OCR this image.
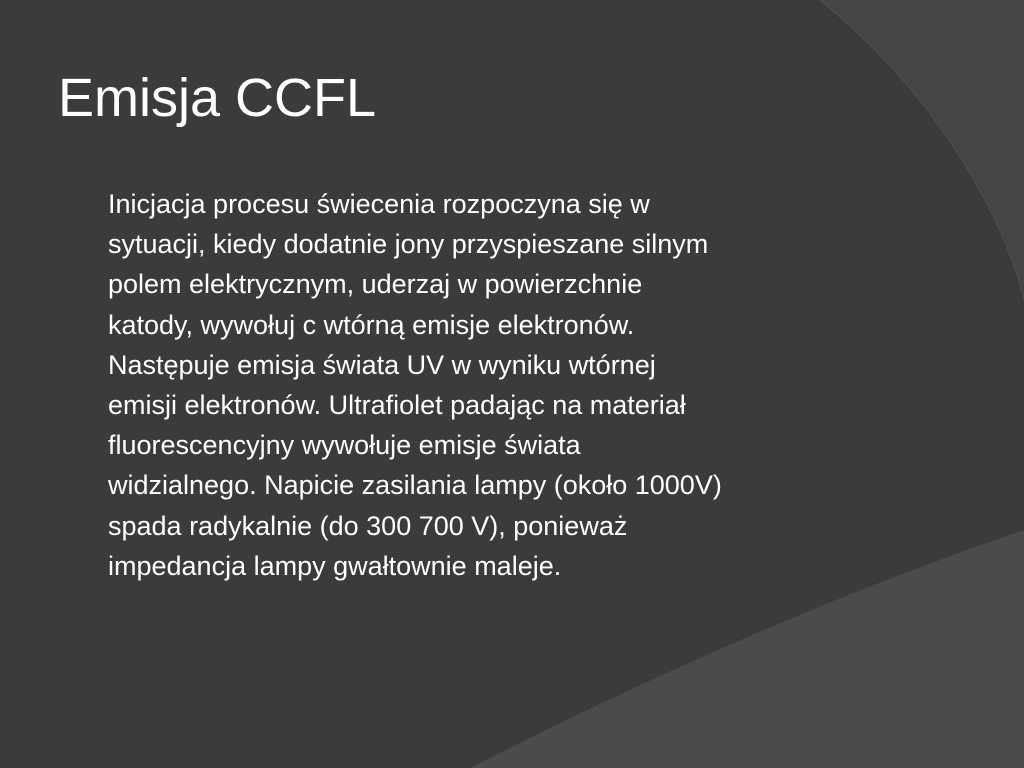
Emisja CCFL
Inicjacja procesu świecenia rozpoczyna się w
sytuacji, kiedy dodatnie jony przyspieszane silnym
polem elektrycznym, uderzaj w powierzchnie
katody, wywołuj c wtórną emisje elektronów.
Następuje emisja świata UV w wyniku wtórnej
emisji elektronów. Ultrafiolet padając na materiał
fluorescencyjny wywołuje emisje świata
widzialnego. Napicie zasilania lampy (około 1000V)
spada radykalnie (do 300 700 V), ponieważ
impedancja lampy gwałtownie maleje.
